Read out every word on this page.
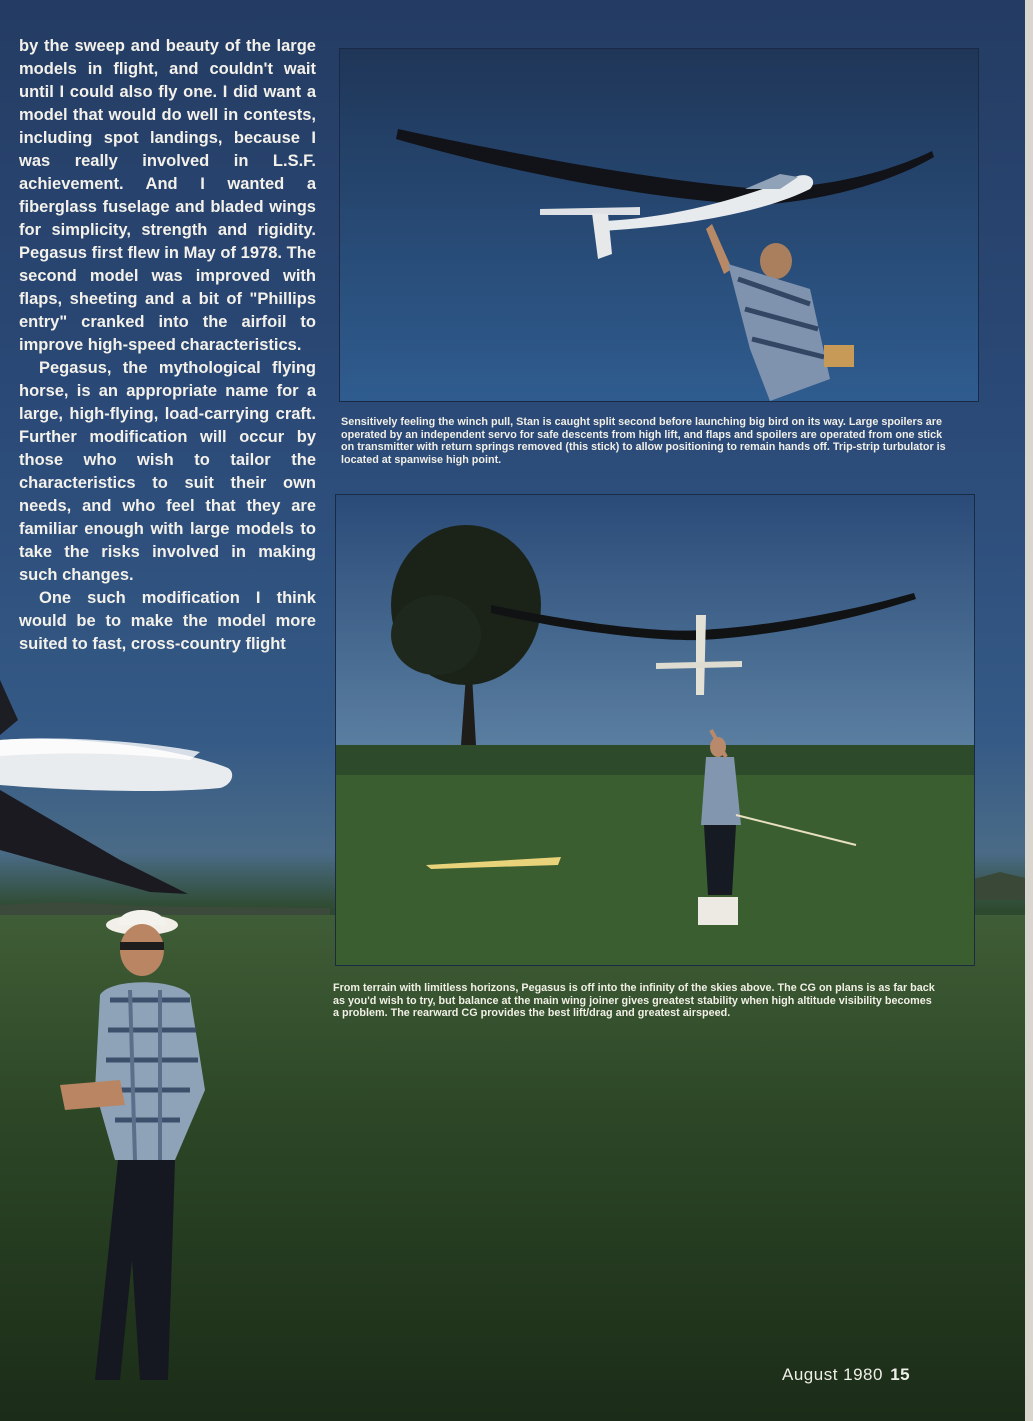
by the sweep and beauty of the large models in flight, and couldn't wait until I could also fly one. I did want a model that would do well in contests, including spot landings, because I was really involved in L.S.F. achievement. And I wanted a fiberglass fuselage and bladed wings for simplicity, strength and rigidity. Pegasus first flew in May of 1978. The second model was improved with flaps, sheeting and a bit of "Phillips entry" cranked into the airfoil to improve high-speed characteristics.

Pegasus, the mythological flying horse, is an appropriate name for a large, high-flying, load-carrying craft. Further modification will occur by those who wish to tailor the characteristics to suit their own needs, and who feel that they are familiar enough with large models to take the risks involved in making such changes.

One such modification I think would be to make the model more suited to fast, cross-country flight

Sensitively feeling the winch pull, Stan is caught split second before launching big bird on its way. Large spoilers are operated by an independent servo for safe descents from high lift, and flaps and spoilers are operated from one stick on transmitter with return springs removed (this stick) to allow positioning to remain hands off. Trip-strip turbulator is located at spanwise high point.
From terrain with limitless horizons, Pegasus is off into the infinity of the skies above. The CG on plans is as far back as you'd wish to try, but balance at the main wing joiner gives greatest stability when high altitude visibility becomes a problem. The rearward CG provides the best lift/drag and greatest airspeed.
August 1980 15
